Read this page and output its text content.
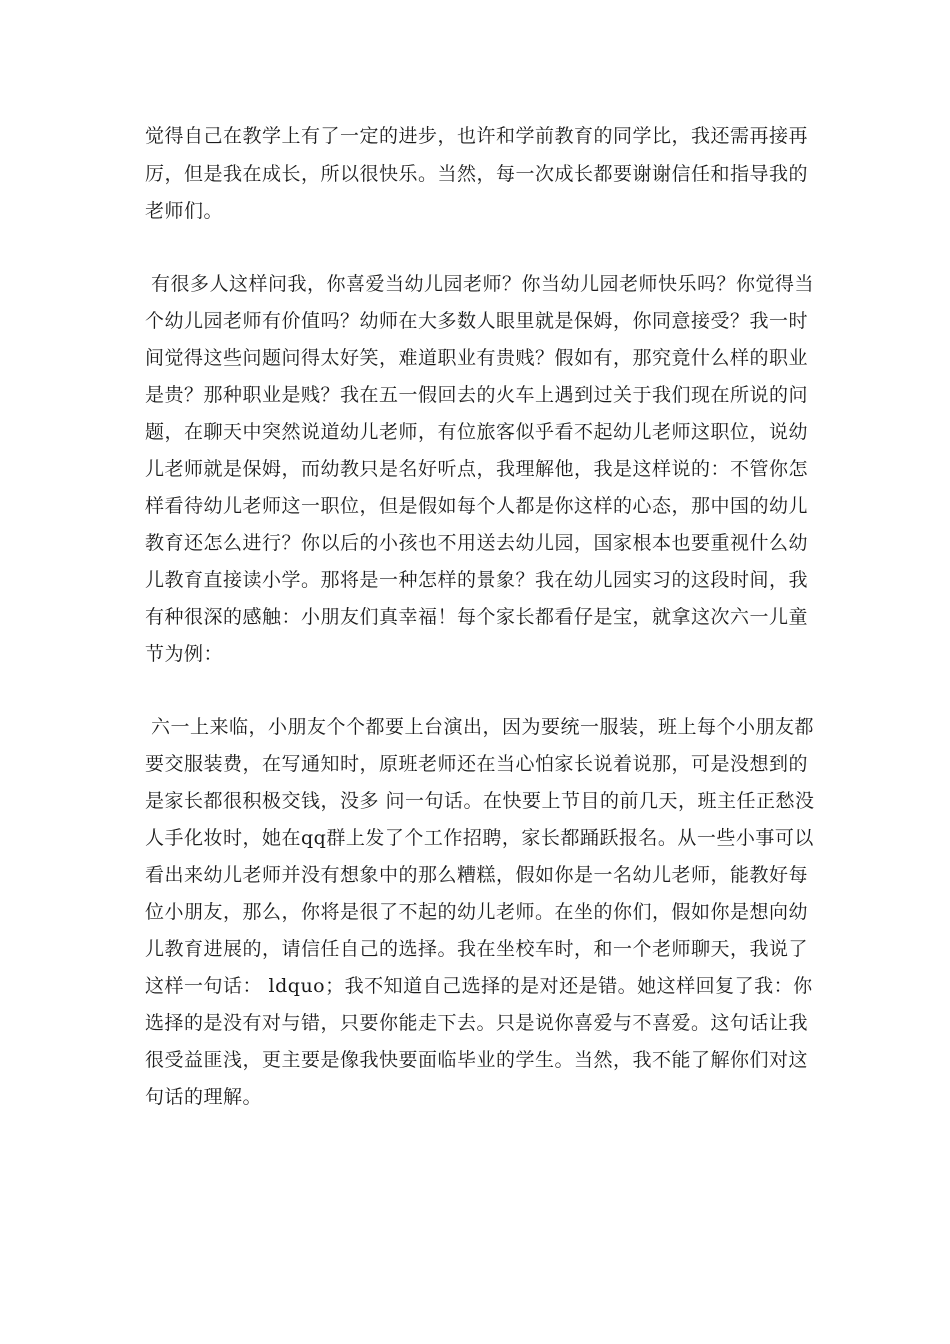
觉得自己在教学上有了一定的进步，也许和学前教育的同学比，我还需再接再
厉，但是我在成长，所以很快乐。当然，每一次成长都要谢谢信任和指导我的
老师们。
有很多人这样问我，你喜爱当幼儿园老师？你当幼儿园老师快乐吗？你觉得当
个幼儿园老师有价值吗？幼师在大多数人眼里就是保姆，你同意接受？我一时
间觉得这些问题问得太好笑，难道职业有贵贱？假如有，那究竟什么样的职业
是贵？那种职业是贱？我在五一假回去的火车上遇到过关于我们现在所说的问
题，在聊天中突然说道幼儿老师，有位旅客似乎看不起幼儿老师这职位，说幼
儿老师就是保姆，而幼教只是名好听点，我理解他，我是这样说的：不管你怎
样看待幼儿老师这一职位，但是假如每个人都是你这样的心态，那中国的幼儿
教育还怎么进行？你以后的小孩也不用送去幼儿园，国家根本也要重视什么幼
儿教育直接读小学。那将是一种怎样的景象？我在幼儿园实习的这段时间，我
有种很深的感触：小朋友们真幸福！每个家长都看仔是宝，就拿这次六一儿童
节为例：
六一上来临，小朋友个个都要上台演出，因为要统一服装，班上每个小朋友都
要交服装费，在写通知时，原班老师还在当心怕家长说着说那，可是没想到的
是家长都很积极交钱，没多 问一句话。在快要上节目的前几天，班主任正愁没
人手化妆时，她在qq群上发了个工作招聘，家长都踊跃报名。从一些小事可以
看出来幼儿老师并没有想象中的那么糟糕，假如你是一名幼儿老师，能教好每
位小朋友，那么，你将是很了不起的幼儿老师。在坐的你们，假如你是想向幼
儿教育进展的，请信任自己的选择。我在坐校车时，和一个老师聊天，我说了
这样一句话： ldquo；我不知道自己选择的是对还是错。她这样回复了我：你
选择的是没有对与错，只要你能走下去。只是说你喜爱与不喜爱。这句话让我
很受益匪浅，更主要是像我快要面临毕业的学生。当然，我不能了解你们对这
句话的理解。
